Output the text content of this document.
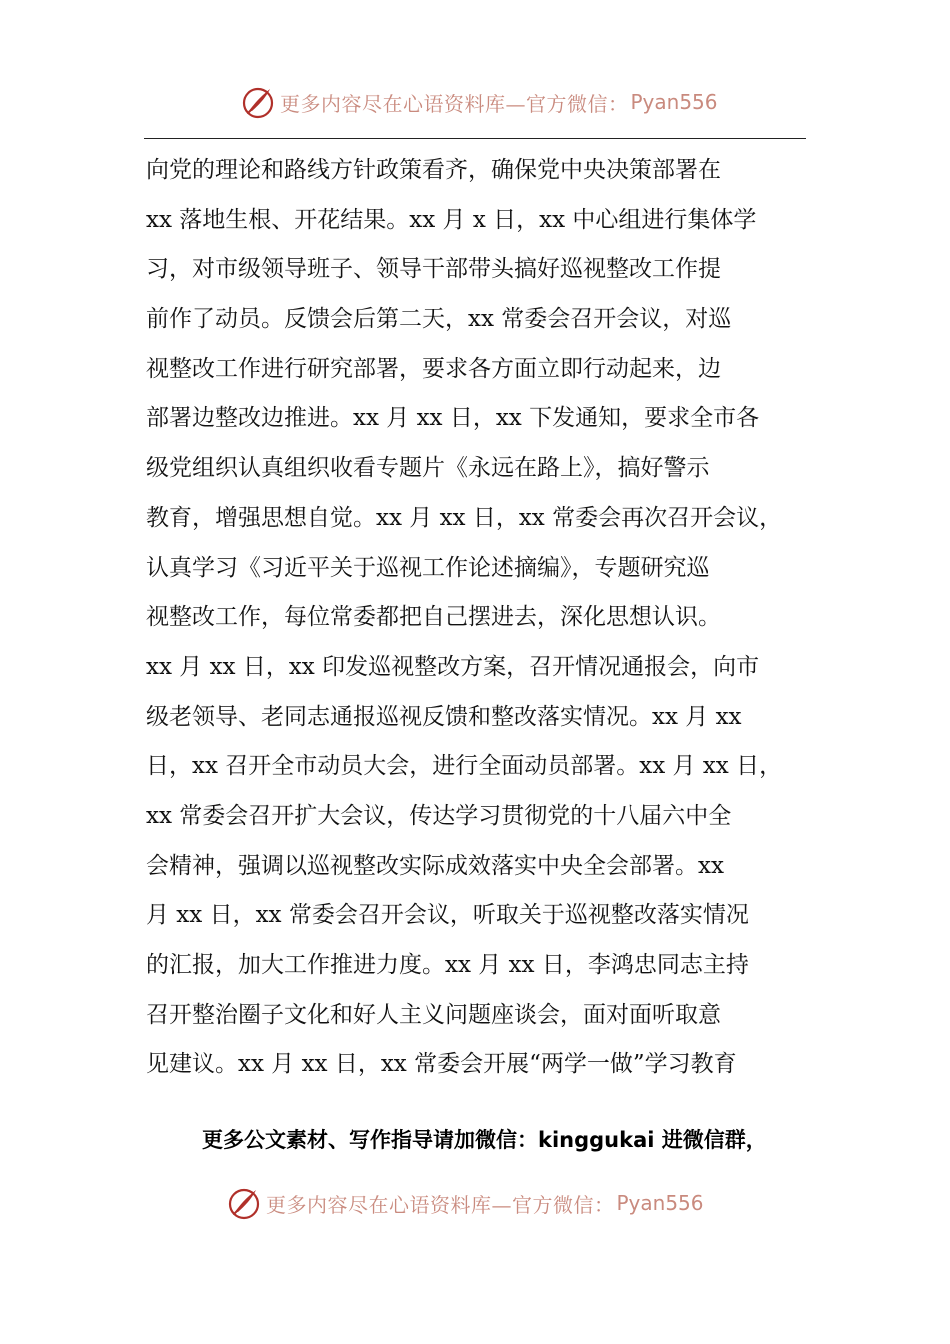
更多内容尽在心语资料库—官方微信： Pyan556
向党的理论和路线方针政策看齐，确保党中央决策部署在
xx 落地生根、开花结果。xx 月 x 日，xx 中心组进行集体学
习，对市级领导班子、领导干部带头搞好巡视整改工作提
前作了动员。反馈会后第二天，xx 常委会召开会议，对巡
视整改工作进行研究部署，要求各方面立即行动起来，边
部署边整改边推进。xx 月 xx 日，xx 下发通知，要求全市各
级党组织认真组织收看专题片《永远在路上》，搞好警示
教育，增强思想自觉。xx 月 xx 日，xx 常委会再次召开会议，
认真学习《习近平关于巡视工作论述摘编》，专题研究巡
视整改工作，每位常委都把自己摆进去，深化思想认识。
xx 月 xx 日，xx 印发巡视整改方案，召开情况通报会，向市
级老领导、老同志通报巡视反馈和整改落实情况。xx 月 xx
日，xx 召开全市动员大会，进行全面动员部署。xx 月 xx 日，
xx 常委会召开扩大会议，传达学习贯彻党的十八届六中全
会精神，强调以巡视整改实际成效落实中央全会部署。xx
月 xx 日，xx 常委会召开会议，听取关于巡视整改落实情况
的汇报，加大工作推进力度。xx 月 xx 日，李鸿忠同志主持
召开整治圈子文化和好人主义问题座谈会，面对面听取意
见建议。xx 月 xx 日，xx 常委会开展“两学一做”学习教育
更多公文素材、写作指导请加微信：kinggukai 进微信群，
更多内容尽在心语资料库—官方微信： Pyan556
